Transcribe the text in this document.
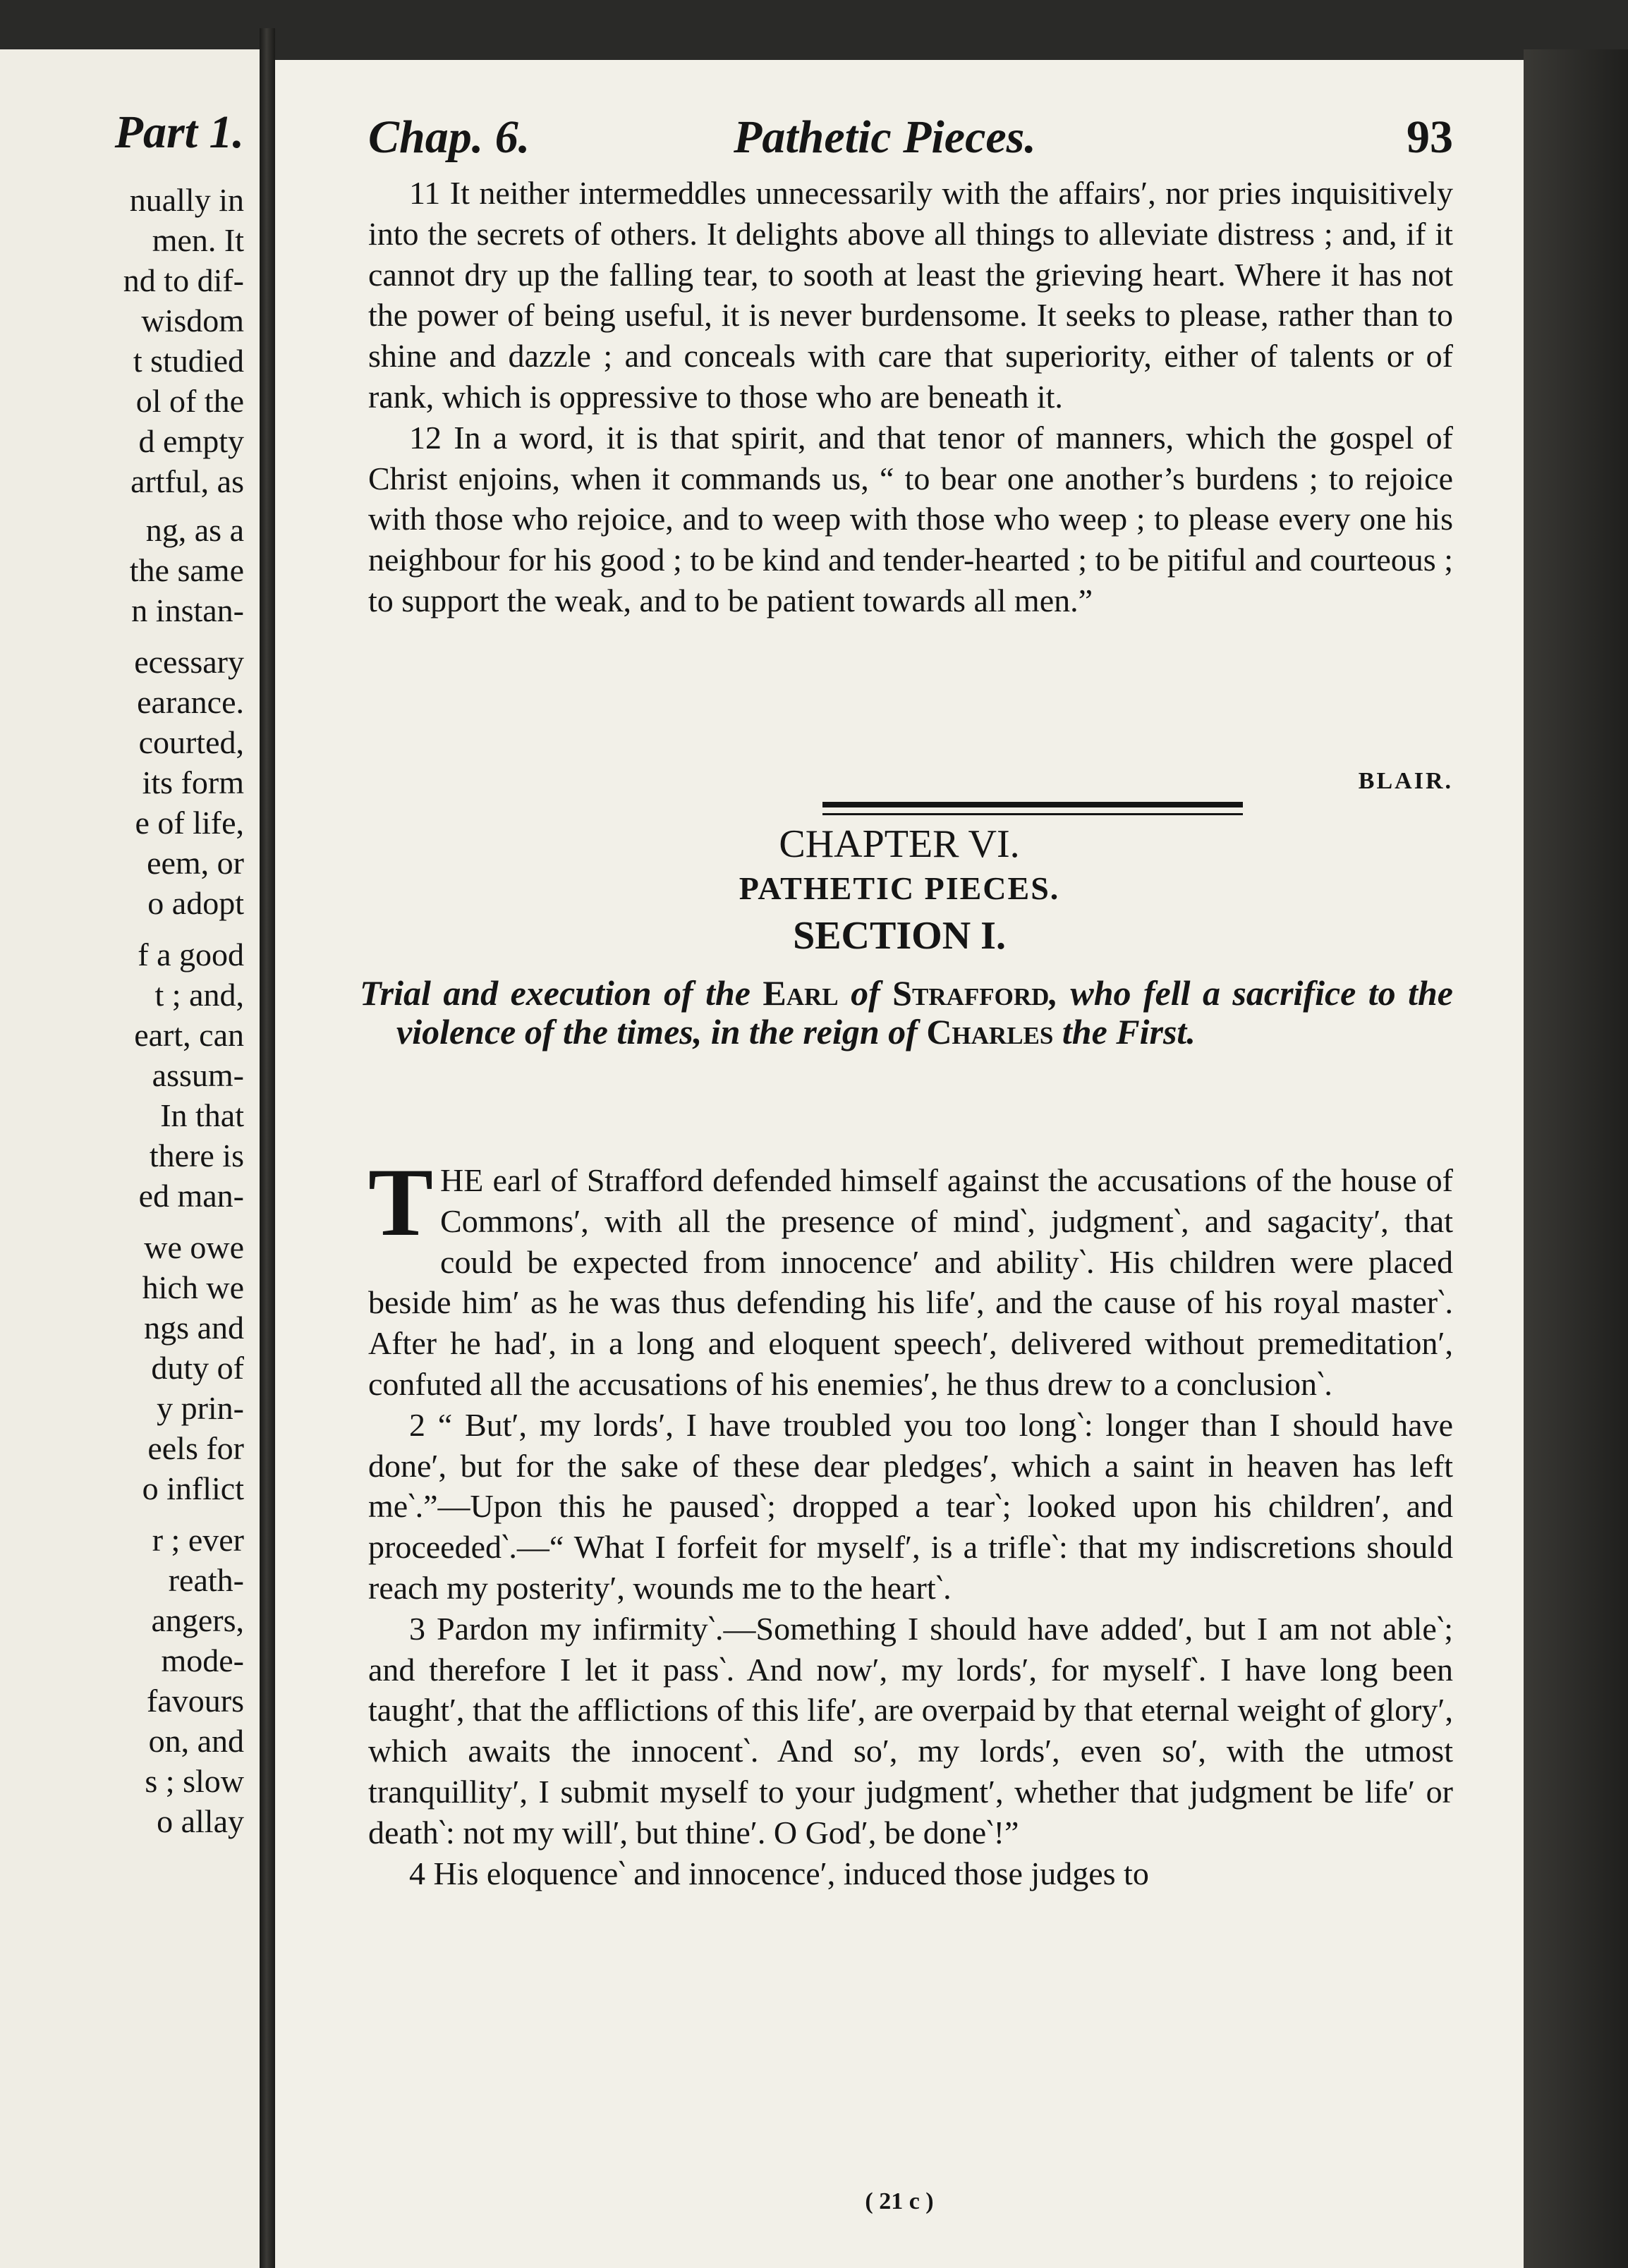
Part 1.
nually in
men. It
nd to dif-
wisdom
t studied
ol of the
d empty
artful, as
ng, as a
the same
n instan-
ecessary
earance.
courted,
its form
e of life,
eem, or
o adopt
f a good
t ; and,
eart, can
assum-
In that
there is
ed man-
we owe
hich we
ngs and
duty of
y prin-
eels for
o inflict
r ; ever
reath-
angers,
mode-
favours
on, and
s ; slow
o allay
Chap. 6.	Pathetic Pieces.	93

11 It neither intermeddles unnecessarily with the affairs′, nor pries inquisitively into the secrets of others. It delights above all things to alleviate distress ; and, if it cannot dry up the falling tear, to sooth at least the grieving heart. Where it has not the power of being useful, it is never burdensome. It seeks to please, rather than to shine and dazzle ; and conceals with care that superiority, either of talents or of rank, which is oppressive to those who are beneath it.

12 In a word, it is that spirit, and that tenor of manners, which the gospel of Christ enjoins, when it commands us, “ to bear one another’s burdens ; to rejoice with those who rejoice, and to weep with those who weep ; to please every one his neighbour for his good ; to be kind and tender-hearted ; to be pitiful and courteous ; to support the weak, and to be patient towards all men.”

BLAIR.
CHAPTER VI.
PATHETIC PIECES.
SECTION I.
Trial and execution of the Earl of Strafford, who fell a sacrifice to the violence of the times, in the reign of Charles the First.

THE earl of Strafford defended himself against the accusations of the house of Commons′, with all the presence of mind‵, judgment‵, and sagacity′, that could be expected from innocence′ and ability‵. His children were placed beside him′ as he was thus defending his life′, and the cause of his royal master‵. After he had′, in a long and eloquent speech′, delivered without premeditation′, confuted all the accusations of his enemies′, he thus drew to a conclusion‵.

2 “ But′, my lords′, I have troubled you too long‵: longer than I should have done′, but for the sake of these dear pledges′, which a saint in heaven has left me‵.”—Upon this he paused‵; dropped a tear‵; looked upon his children′, and proceeded‵.—“ What I forfeit for myself′, is a trifle‵: that my indiscretions should reach my posterity′, wounds me to the heart‵.

3 Pardon my infirmity‵.—Something I should have added′, but I am not able‵; and therefore I let it pass‵. And now′, my lords′, for myself‵. I have long been taught′, that the afflictions of this life′, are overpaid by that eternal weight of glory′, which awaits the innocent‵. And so′, my lords′, even so′, with the utmost tranquillity′, I submit myself to your judgment′, whether that judgment be life′ or death‵: not my will′, but thine′. O God′, be done‵!”

4 His eloquence‵ and innocence′, induced those judges to

( 21 c )
